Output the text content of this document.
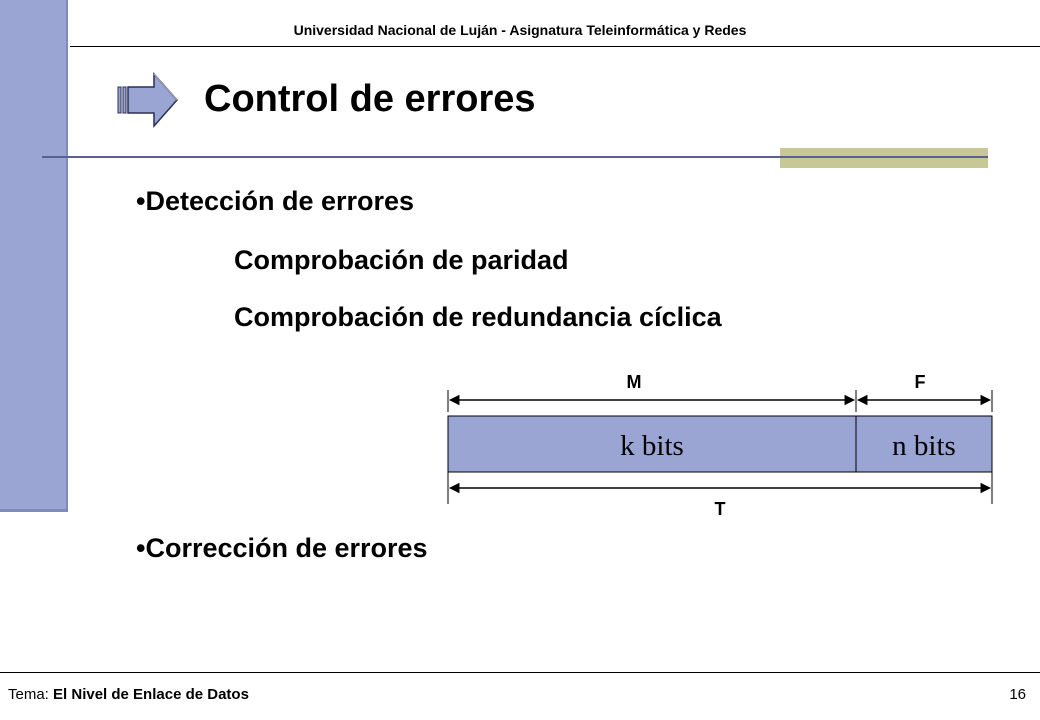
Universidad Nacional de Luján - Asignatura Teleinformática y Redes
Control de errores
•Detección de errores
Comprobación de paridad
Comprobación de redundancia cíclica
M	F
k bits	n bits
T
•Corrección de errores
Tema: El Nivel de Enlace de Datos	16
